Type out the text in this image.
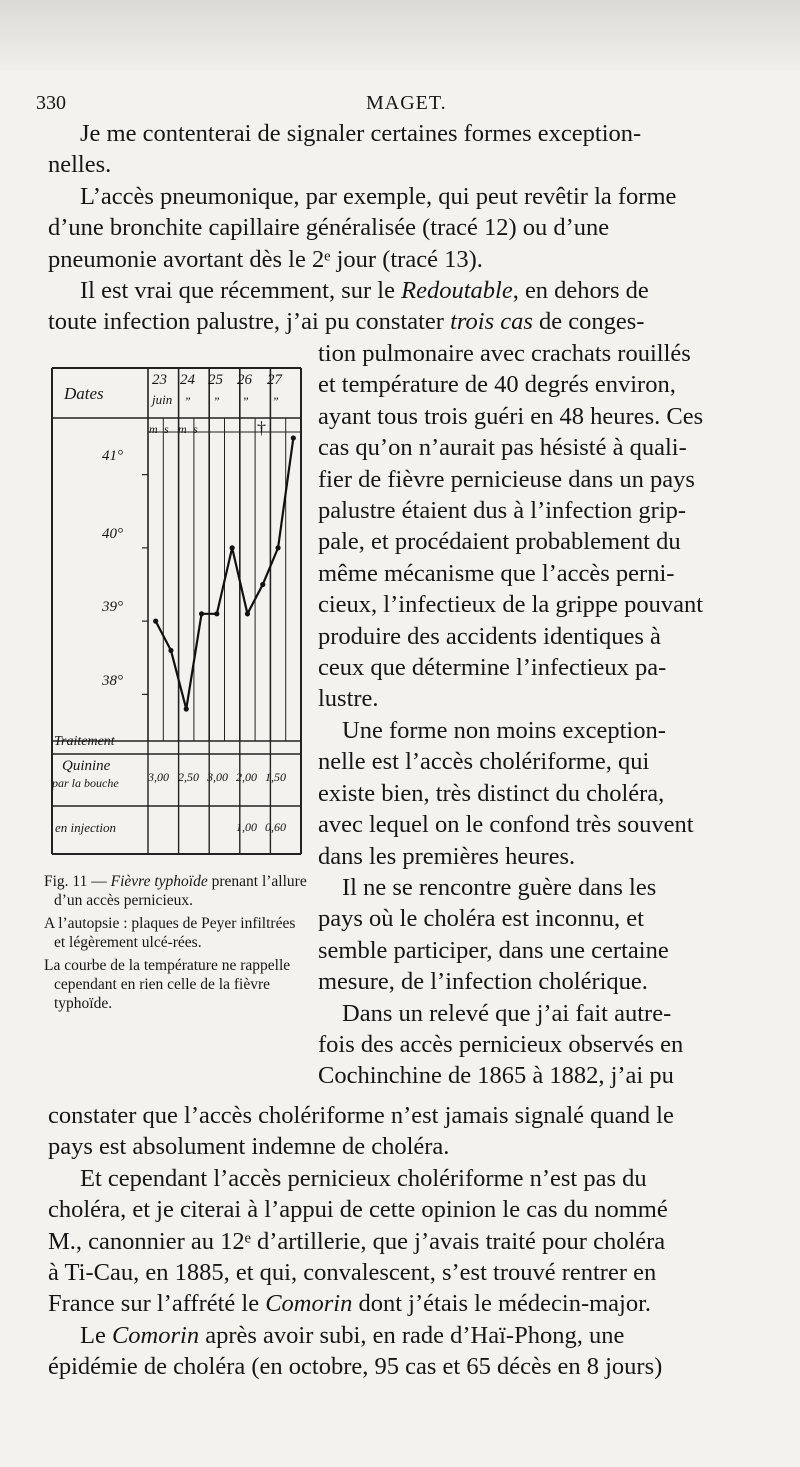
330	MAGET.
Je me contenterai de signaler certaines formes exception-
nelles.
L’accès pneumonique, par exemple, qui peut revêtir la forme
d’une bronchite capillaire généralisée (tracé 12) ou d’une
pneumonie avortant dès le 2ᵉ jour (tracé 13).
Il est vrai que récemment, sur le Redoutable, en dehors de
toute infection palustre, j’ai pu constater trois cas de conges-
tion pulmonaire avec crachats rouillés
et température de 40 degrés environ,
ayant tous trois guéri en 48 heures. Ces
cas qu’on n’aurait pas hésisté à quali-
fier de fièvre pernicieuse dans un pays
palustre étaient dus à l’infection grip-
pale, et procédaient probablement du
même mécanisme que l’accès perni-
cieux, l’infectieux de la grippe pouvant
produire des accidents identiques à
ceux que détermine l’infectieux pa-
lustre.
Une forme non moins exception-
nelle est l’accès cholériforme, qui
existe bien, très distinct du choléra,
avec lequel on le confond très souvent
dans les premières heures.
Il ne se rencontre guère dans les
pays où le choléra est inconnu, et
semble participer, dans une certaine
mesure, de l’infection cholérique.
Dans un relevé que j’ai fait autre-
fois des accès pernicieux observés en
Cochinchine de 1865 à 1882, j’ai pu
constater que l’accès cholériforme n’est jamais signalé quand le
pays est absolument indemne de choléra.
Et cependant l’accès pernicieux cholériforme n’est pas du
choléra, et je citerai à l’appui de cette opinion le cas du nommé
M., canonnier au 12ᵉ d’artillerie, que j’avais traité pour choléra
à Ti-Cau, en 1885, et qui, convalescent, s’est trouvé rentrer en
France sur l’affrété le Comorin dont j’étais le médecin-major.
Le Comorin après avoir subi, en rade d’Haï-Phong, une
épidémie de choléra (en octobre, 95 cas et 65 décès en 8 jours)
Dates
23 24 25 26 27
juin ” ” ” ”
m s m s	†
41°
40°
39°
38°
Traitement
Quinine
par la bouche
en injection
3,00 2,50 3,00 2,00 1,50
1,00 0,60

Fig. 11 — Fièvre typhoïde prenant l’allure d’un accès pernicieux.

A l’autopsie : plaques de Peyer infiltrées et légèrement ulcé-rées.

La courbe de la température ne rappelle cependant en rien celle de la fièvre typhoïde.
